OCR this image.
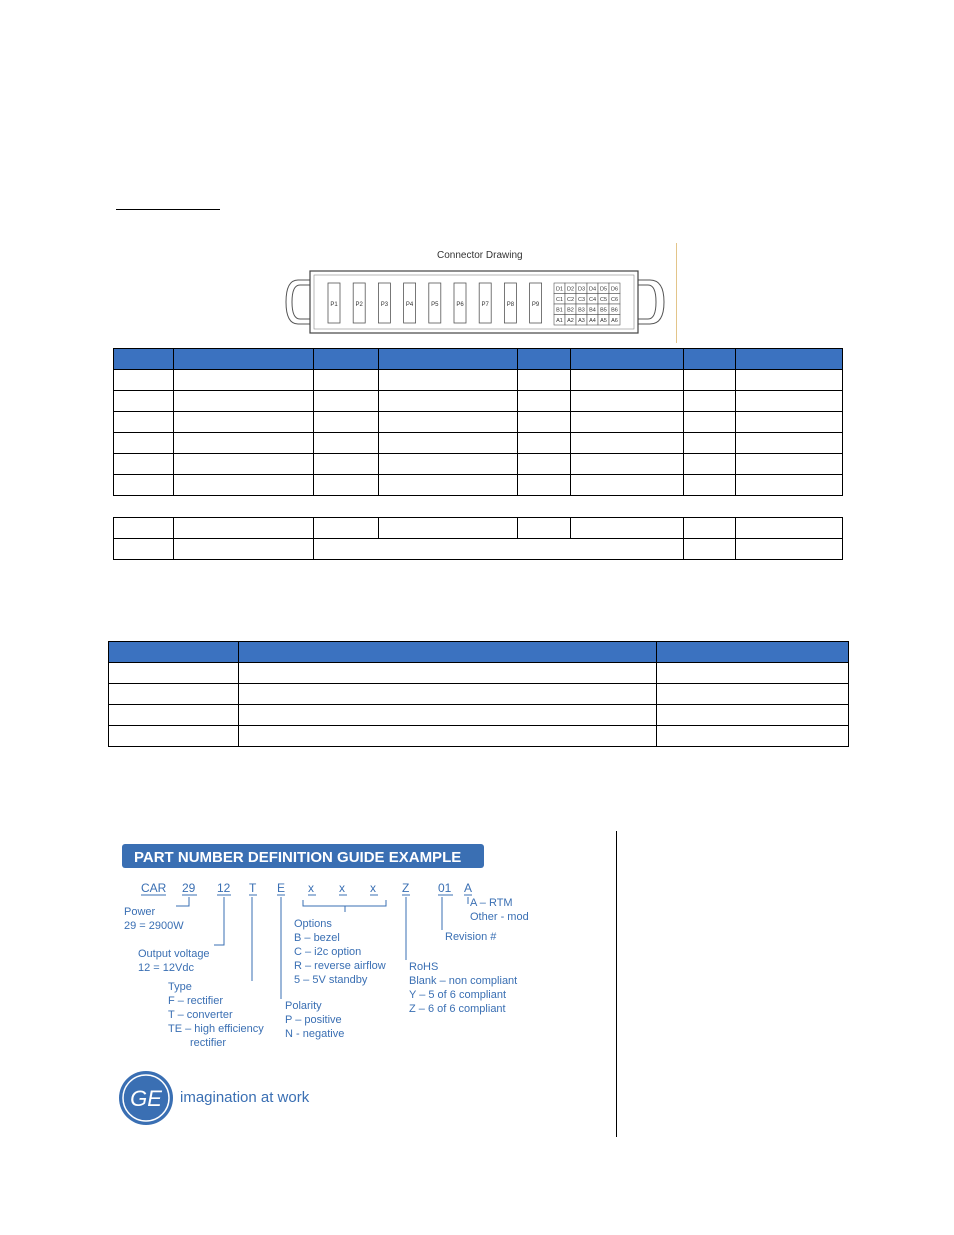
Connector Drawing
P1	P2	P3	P4	P5	P6	P7	P8	P9
D1 D2 D3 D4 D5 D6
C1 C2 C3 C4 C5 C6
B1 B2 B3 B4 B5 B6
A1 A2 A3 A4 A5 A6

PART NUMBER DEFINITION GUIDE EXAMPLE
CAR 29 12 T E x x x Z 01 A
Power
29 = 2900W
Output voltage
12 = 12Vdc
Type
F – rectifier
T – converter
TE – high efficiency
rectifier
Polarity
P – positive
N - negative
Options
B – bezel
C – i2c option
R – reverse airflow
5 – 5V standby
RoHS
Blank – non compliant
Y – 5 of 6 compliant
Z – 6 of 6 compliant
Revision #
A – RTM
Other - mod
GE imagination at work
